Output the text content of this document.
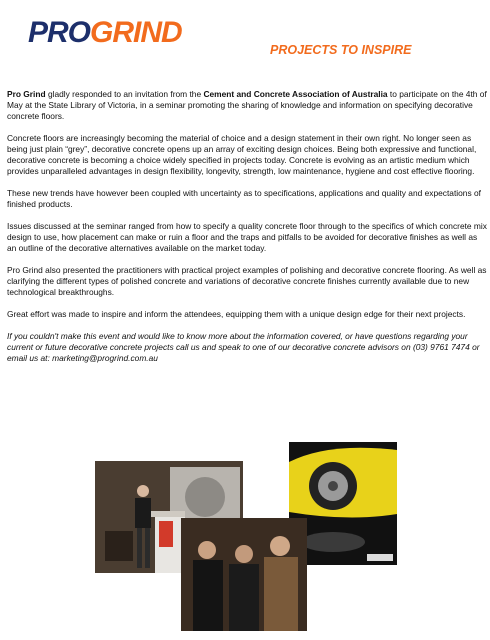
PRO GRIND
PROJECTS TO INSPIRE

Pro Grind gladly responded to an invitation from the Cement and Concrete Association of Australia to participate on the 4th of May at the State Library of Victoria, in a seminar promoting the sharing of knowledge and information on specifying decorative concrete floors.

Concrete floors are increasingly becoming the material of choice and a design statement in their own right. No longer seen as being just plain “grey”, decorative concrete opens up an array of exciting design choices. Being both expressive and functional, decorative concrete is becoming a choice widely specified in projects today. Concrete is evolving as an artistic medium which provides unparalleled advantages in design flexibility, longevity, strength, low maintenance, hygiene and cost effective flooring.

These new trends have however been coupled with uncertainty as to specifications, applications and quality and expectations of finished products.

Issues discussed at the seminar ranged from how to specify a quality concrete floor through to the specifics of which concrete mix design to use, how placement can make or ruin a floor and the traps and pitfalls to be avoided for decorative finishes as well as an outline of the decorative alternatives available on the market today.

Pro Grind also presented the practitioners with practical project examples of polishing and decorative concrete flooring. As well as clarifying the different types of polished concrete and variations of decorative concrete finishes currently available due to new technological breakthroughs.

Great effort was made to inspire and inform the attendees, equipping them with a unique design edge for their next projects.

If you couldn't make this event and would like to know more about the information covered, or have questions regarding your current or future decorative concrete projects call us and speak to one of our decorative concrete advisors on (03) 9761 7474 or email us at: marketing@progrind.com.au
